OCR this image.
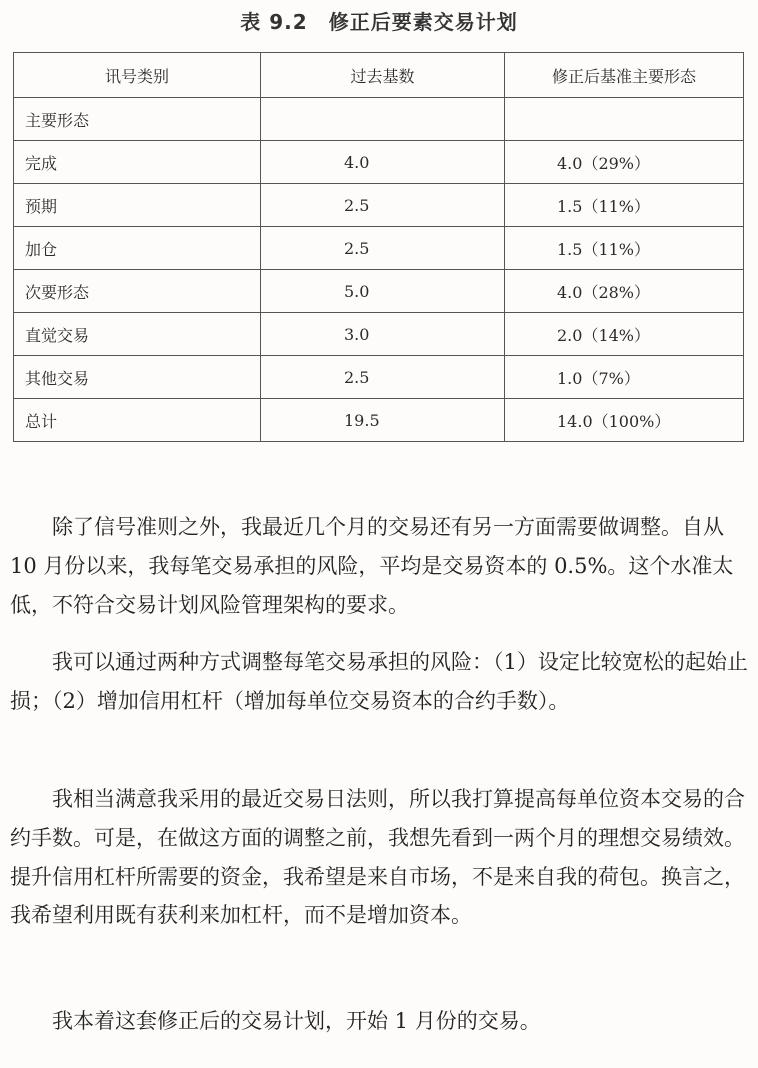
表 9.2　修正后要素交易计划
讯号类别	过去基数	修正后基准主要形态
主要形态		
完成	4.0	4.0（29%）
预期	2.5	1.5（11%）
加仓	2.5	1.5（11%）
次要形态	5.0	4.0（28%）
直觉交易	3.0	2.0（14%）
其他交易	2.5	1.0（7%）
总计	19.5	14.0（100%）

除了信号准则之外，我最近几个月的交易还有另一方面需要做调整。自从 10 月份以来，我每笔交易承担的风险，平均是交易资本的 0.5%。这个水准太低，不符合交易计划风险管理架构的要求。

我可以通过两种方式调整每笔交易承担的风险：（1）设定比较宽松的起始止损；（2）增加信用杠杆（增加每单位交易资本的合约手数）。

我相当满意我采用的最近交易日法则，所以我打算提高每单位资本交易的合约手数。可是，在做这方面的调整之前，我想先看到一两个月的理想交易绩效。提升信用杠杆所需要的资金，我希望是来自市场，不是来自我的荷包。换言之，我希望利用既有获利来加杠杆，而不是增加资本。

我本着这套修正后的交易计划，开始 1 月份的交易。
